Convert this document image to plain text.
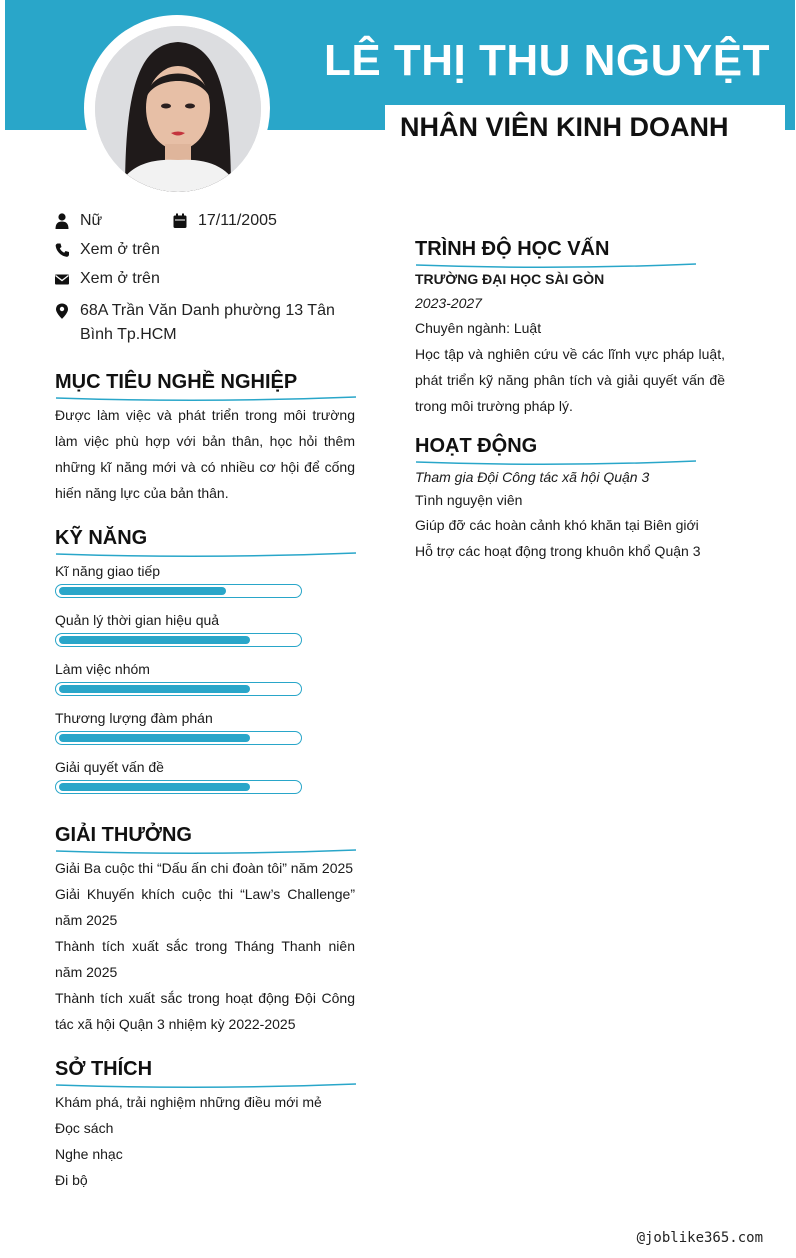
LÊ THỊ THU NGUYỆT
NHÂN VIÊN KINH DOANH
Nữ	17/11/2005
Xem ở trên
Xem ở trên
68A Trần Văn Danh phường 13 Tân Bình Tp.HCM
MỤC TIÊU NGHỀ NGHIỆP
Được làm việc và phát triển trong môi trường làm việc phù hợp với bản thân, học hỏi thêm những kĩ năng mới và có nhiều cơ hội để cống hiến năng lực của bản thân.
KỸ NĂNG
Kĩ năng giao tiếp
Quản lý thời gian hiệu quả
Làm việc nhóm
Thương lượng đàm phán
Giải quyết vấn đề
GIẢI THƯỞNG
Giải Ba cuộc thi “Dấu ấn chi đoàn tôi” năm 2025
Giải Khuyến khích cuộc thi “Law’s Challenge” năm 2025
Thành tích xuất sắc trong Tháng Thanh niên năm 2025
Thành tích xuất sắc trong hoạt động Đội Công tác xã hội Quận 3 nhiệm kỳ 2022-2025
SỞ THÍCH
Khám phá, trải nghiệm những điều mới mẻ
Đọc sách
Nghe nhạc
Đi bộ
TRÌNH ĐỘ HỌC VẤN
TRƯỜNG ĐẠI HỌC SÀI GÒN
2023-2027
Chuyên ngành: Luật
Học tập và nghiên cứu về các lĩnh vực pháp luật, phát triển kỹ năng phân tích và giải quyết vấn đề trong môi trường pháp lý.
HOẠT ĐỘNG
Tham gia Đội Công tác xã hội Quận 3
Tình nguyện viên
Giúp đỡ các hoàn cảnh khó khăn tại Biên giới
Hỗ trợ các hoạt động trong khuôn khổ Quận 3
@joblike365.com
